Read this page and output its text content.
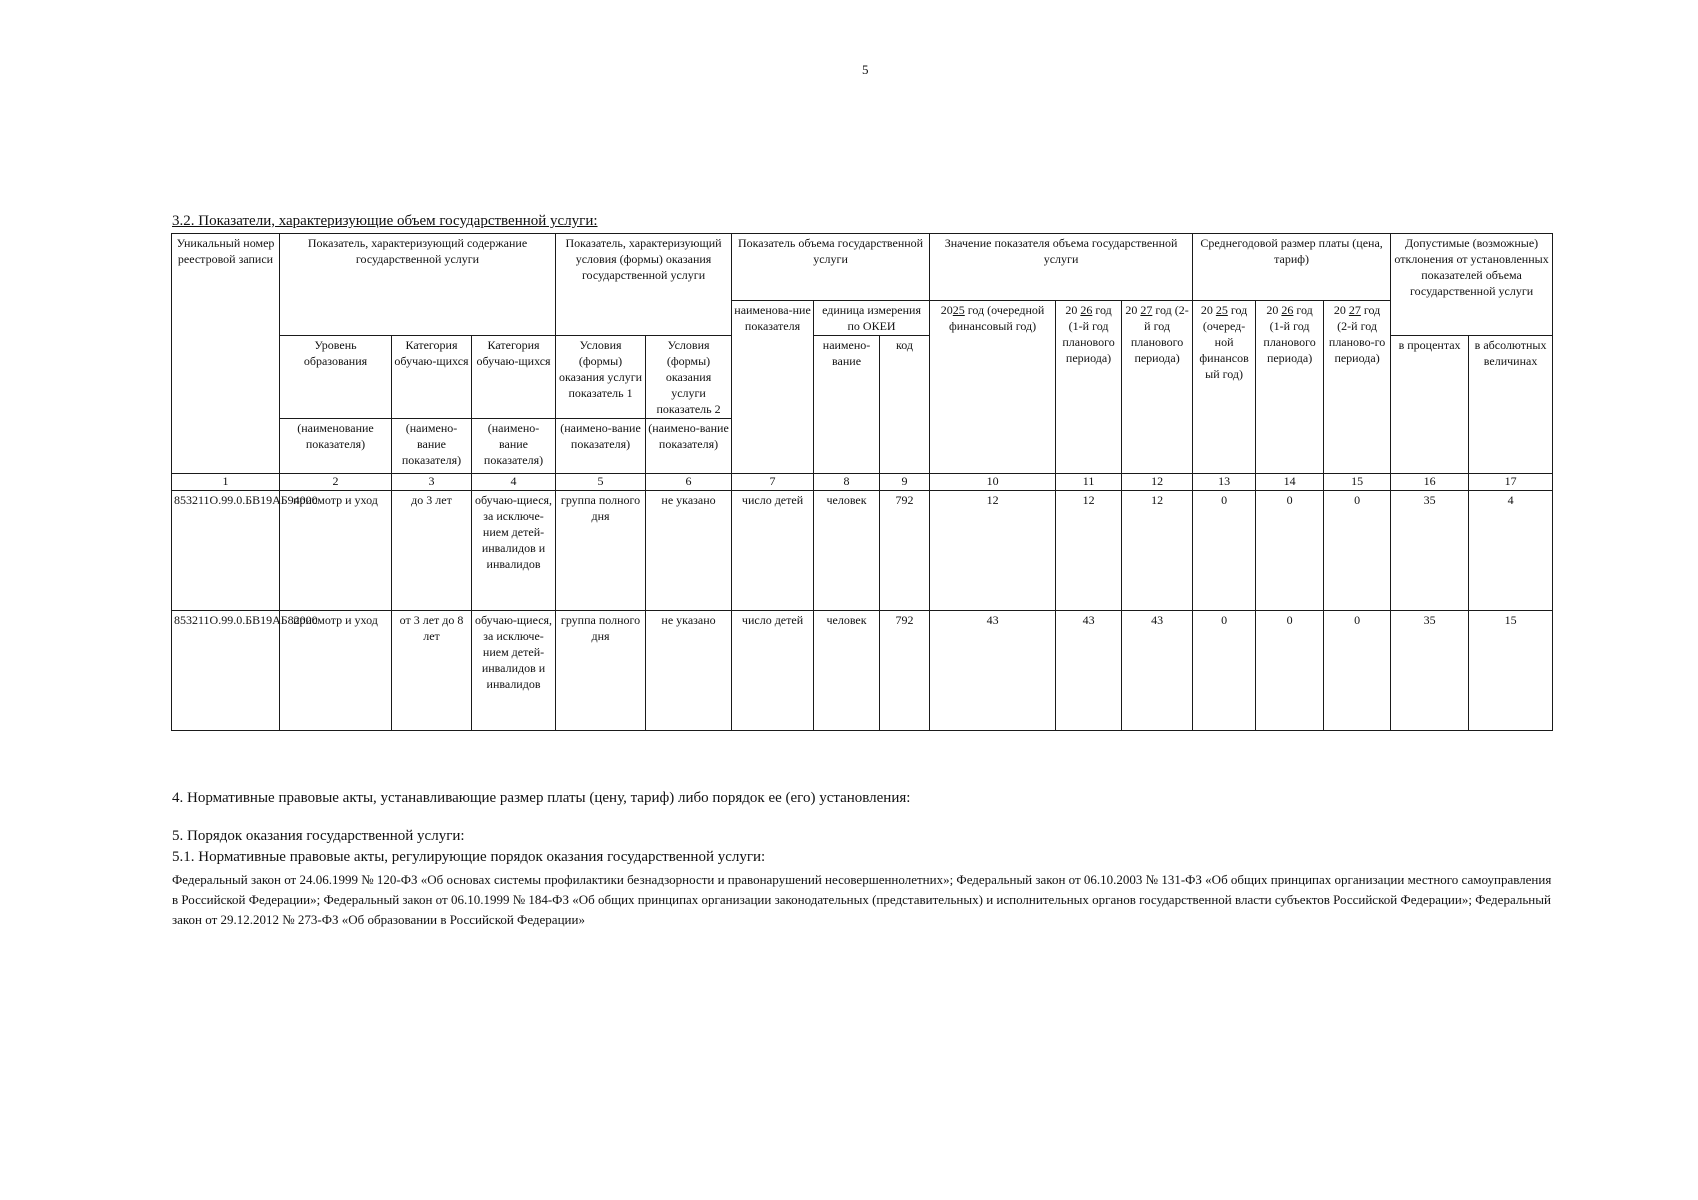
5
3.2. Показатели, характеризующие объем государственной услуги:
Уникальный номер реестровой записи	Показатель, характеризующий содержание государственной услуги			Показатель, характеризующий условия (формы) оказания государственной услуги		Показатель объема государственной услуги			Значение показателя объема государственной услуги			Среднегодовой размер платы (цена, тариф)			Допустимые (возможные) отклонения от установленных показателей объема государственной услуги	
						наименова-ние показателя	единица измерения по ОКЕИ		2025 год (очередной финансовый год)	20 26 год (1-й год планового периода)	20 27 год (2-й год планового периода)	20 25 год (очеред-ной финансов ый год)	20 26 год (1-й год планового периода)	20 27 год (2-й год планово-го периода)		
	Уровень образования	Категория обучаю-щихся	Категория обучаю-щихся	Условия (формы) оказания услуги показатель 1	Условия (формы) оказания услуги показатель 2		наимено-вание	код							в процентах	в абсолютных величинах

	(наименование показателя)	(наимено-вание показателя)	(наимено-вание показателя)	(наимено-вание показателя)	(наимено-вание показателя)											
1	2	3	4	5	6	7	8	9	10	11	12	13	14	15	16	17
853211О.99.0.БВ19АБ94000	присмотр и уход	до 3 лет	обучаю-щиеся, за исключе-нием детей-инвалидов и инвалидов	группа полного дня	не указано	число детей	человек	792	12	12	12	0	0	0	35	4
853211О.99.0.БВ19АБ82000	присмотр и уход	от 3 лет до 8 лет	обучаю-щиеся, за исключе-нием детей-инвалидов и инвалидов	группа полного дня	не указано	число детей	человек	792	43	43	43	0	0	0	35	15
4. Нормативные правовые акты, устанавливающие размер платы (цену, тариф) либо порядок ее (его) установления:
5. Порядок оказания государственной услуги:
5.1. Нормативные правовые акты, регулирующие порядок оказания государственной услуги:
Федеральный закон от 24.06.1999 № 120-ФЗ «Об основах системы профилактики безнадзорности и правонарушений несовершеннолетних»; Федеральный закон от 06.10.2003 № 131-ФЗ «Об общих принципах организации местного самоуправления в Российской Федерации»; Федеральный закон от 06.10.1999 № 184-ФЗ «Об общих принципах организации законодательных (представительных) и исполнительных органов государственной власти субъектов Российской Федерации»; Федеральный закон от 29.12.2012 № 273-ФЗ «Об образовании в Российской Федерации»
